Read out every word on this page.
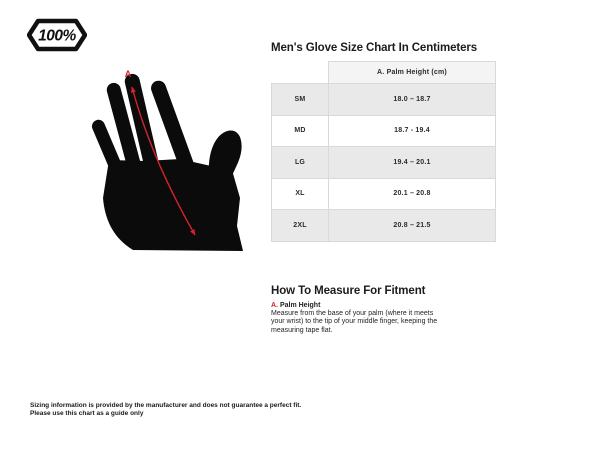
100%
A
Men's Glove Size Chart In Centimeters
	A. Palm Height (cm)
SM	18.0 – 18.7
MD	18.7 - 19.4
LG	19.4 – 20.1
XL	20.1 – 20.8
2XL	20.8 – 21.5
How To Measure For Fitment
A. Palm Height
Measure from the base of your palm (where it meets your wrist) to the tip of your middle finger, keeping the measuring tape flat.
Sizing information is provided by the manufacturer and does not guarantee a perfect fit.
Please use this chart as a guide only
